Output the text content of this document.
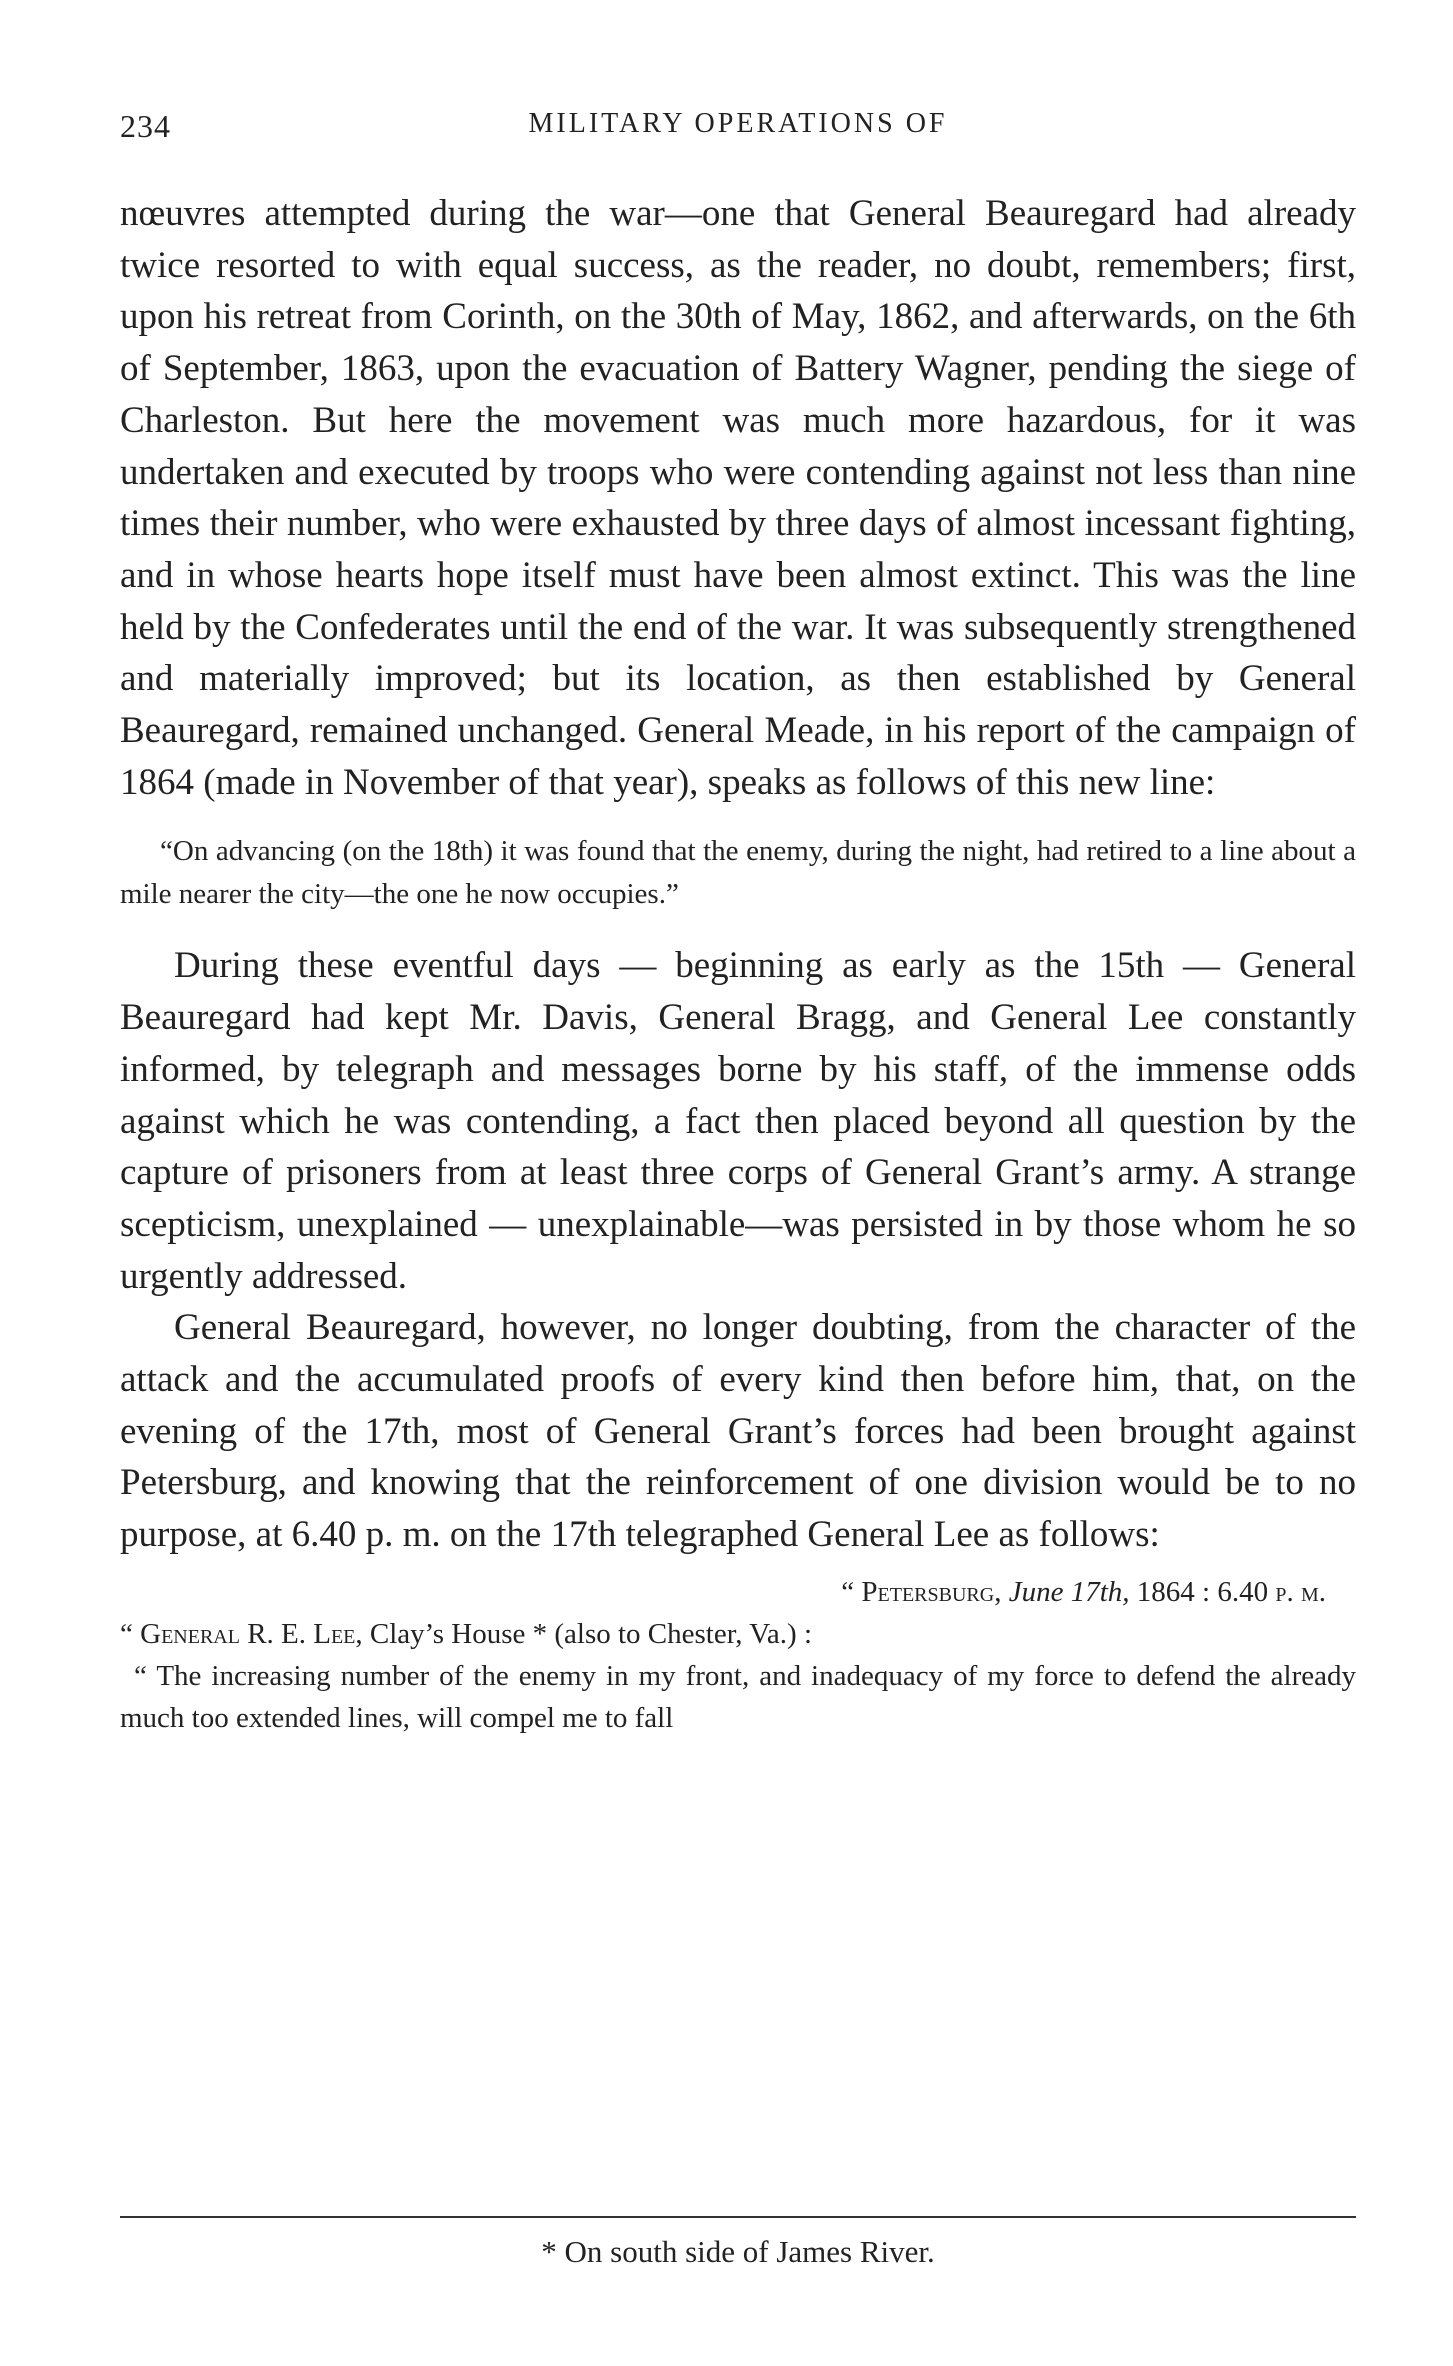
234	MILITARY OPERATIONS OF

nœuvres attempted during the war—one that General Beauregard had already twice resorted to with equal success, as the reader, no doubt, remembers; first, upon his retreat from Corinth, on the 30th of May, 1862, and afterwards, on the 6th of September, 1863, upon the evacuation of Battery Wagner, pending the siege of Charleston. But here the movement was much more hazardous, for it was undertaken and executed by troops who were contending against not less than nine times their number, who were exhausted by three days of almost incessant fighting, and in whose hearts hope itself must have been almost extinct. This was the line held by the Confederates until the end of the war. It was subsequently strengthened and materially improved; but its location, as then established by General Beauregard, remained unchanged. General Meade, in his report of the campaign of 1864 (made in November of that year), speaks as follows of this new line:

“On advancing (on the 18th) it was found that the enemy, during the night, had retired to a line about a mile nearer the city—the one he now occupies.”

During these eventful days — beginning as early as the 15th — General Beauregard had kept Mr. Davis, General Bragg, and General Lee constantly informed, by telegraph and messages borne by his staff, of the immense odds against which he was contending, a fact then placed beyond all question by the capture of prisoners from at least three corps of General Grant’s army. A strange scepticism, unexplained — unexplainable—was persisted in by those whom he so urgently addressed.

General Beauregard, however, no longer doubting, from the character of the attack and the accumulated proofs of every kind then before him, that, on the evening of the 17th, most of General Grant’s forces had been brought against Petersburg, and knowing that the reinforcement of one division would be to no purpose, at 6.40 p. m. on the 17th telegraphed General Lee as follows:

“ Petersburg, June 17th, 1864 : 6.40 p. m.

“ General R. E. Lee, Clay’s House * (also to Chester, Va.) :

“ The increasing number of the enemy in my front, and inadequacy of my force to defend the already much too extended lines, will compel me to fall

* On south side of James River.
